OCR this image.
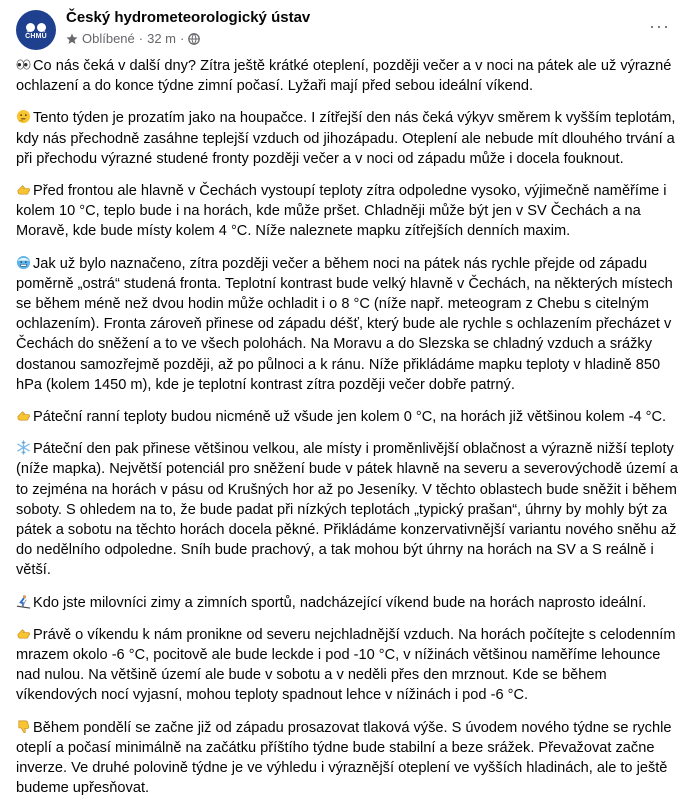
ČHMÚ
Český hydrometeorologický ústav
Oblíbené · 32 m ·
···

Co nás čeká v další dny? Zítra ještě krátké oteplení, později večer a v noci na pátek ale už výrazné ochlazení a do konce týdne zimní počasí. Lyžaři mají před sebou ideální víkend.

Tento týden je prozatím jako na houpačce. I zítřejší den nás čeká výkyv směrem k vyšším teplotám, kdy nás přechodně zasáhne teplejší vzduch od jihozápadu. Oteplení ale nebude mít dlouhého trvání a při přechodu výrazné studené fronty později večer a v noci od západu může i docela fouknout.

Před frontou ale hlavně v Čechách vystoupí teploty zítra odpoledne vysoko, výjimečně naměříme i kolem 10 °C, teplo bude i na horách, kde může pršet. Chladněji může být jen v SV Čechách a na Moravě, kde bude místy kolem 4 °C. Níže naleznete mapku zítřejších denních maxim.

Jak už bylo naznačeno, zítra později večer a během noci na pátek nás rychle přejde od západu poměrně „ostrá“ studená fronta. Teplotní kontrast bude velký hlavně v Čechách, na některých místech se během méně než dvou hodin může ochladit i o 8 °C (níže např. meteogram z Chebu s citelným ochlazením). Fronta zároveň přinese od západu déšť, který bude ale rychle s ochlazením přecházet v Čechách do sněžení a to ve všech polohách. Na Moravu a do Slezska se chladný vzduch a srážky dostanou samozřejmě později, až po půlnoci a k ránu. Níže přikládáme mapku teploty v hladině 850 hPa (kolem 1450 m), kde je teplotní kontrast zítra později večer dobře patrný.

Páteční ranní teploty budou nicméně už všude jen kolem 0 °C, na horách již většinou kolem -4 °C.

Páteční den pak přinese většinou velkou, ale místy i proměnlivější oblačnost a výrazně nižší teploty (níže mapka). Největší potenciál pro sněžení bude v pátek hlavně na severu a severovýchodě území a to zejména na horách v pásu od Krušných hor až po Jeseníky. V těchto oblastech bude sněžit i během soboty. S ohledem na to, že bude padat při nízkých teplotách „typický prašan“, úhrny by mohly být za pátek a sobotu na těchto horách docela pěkné. Přikládáme konzervativnější variantu nového sněhu až do nedělního odpoledne. Sníh bude prachový, a tak mohou být úhrny na horách na SV a S reálně i větší.

Kdo jste milovníci zimy a zimních sportů, nadcházející víkend bude na horách naprosto ideální.

Právě o víkendu k nám pronikne od severu nejchladnější vzduch. Na horách počítejte s celodenním mrazem okolo -6 °C, pocitově ale bude leckde i pod -10 °C, v nížinách většinou naměříme lehounce nad nulou. Na většině území ale bude v sobotu a v neděli přes den mrznout. Kde se během víkendových nocí vyjasní, mohou teploty spadnout lehce v nížinách i pod -6 °C.

Během pondělí se začne již od západu prosazovat tlaková výše. S úvodem nového týdne se rychle oteplí a počasí minimálně na začátku příštího týdne bude stabilní a beze srážek. Převažovat začne inverze. Ve druhé polovině týdne je ve výhledu i výraznější oteplení ve vyšších hladinách, ale to ještě budeme upřesňovat.
